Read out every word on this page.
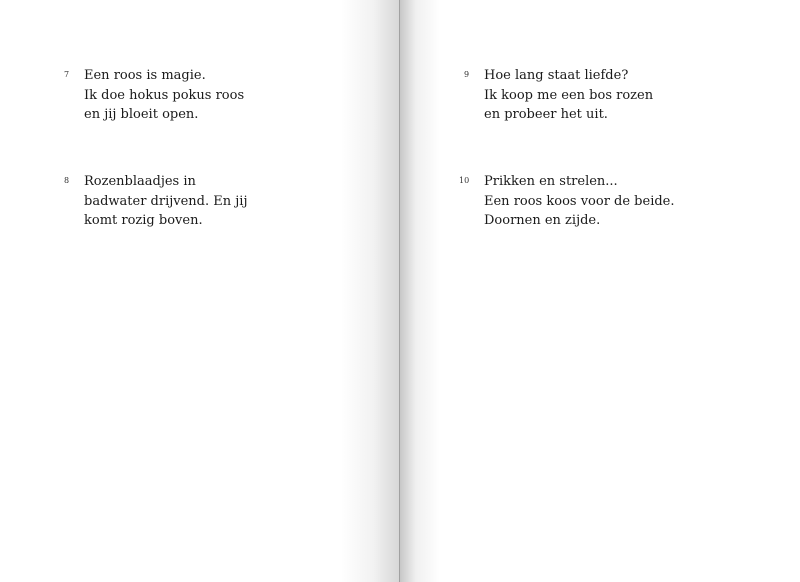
7 Een roos is magie.
Ik doe hokus pokus roos
en jij bloeit open.
8 Rozenblaadjes in
badwater drijvend. En jij
komt rozig boven.
9 Hoe lang staat liefde?
Ik koop me een bos rozen
en probeer het uit.
10 Prikken en strelen...
Een roos koos voor de beide.
Doornen en zijde.
